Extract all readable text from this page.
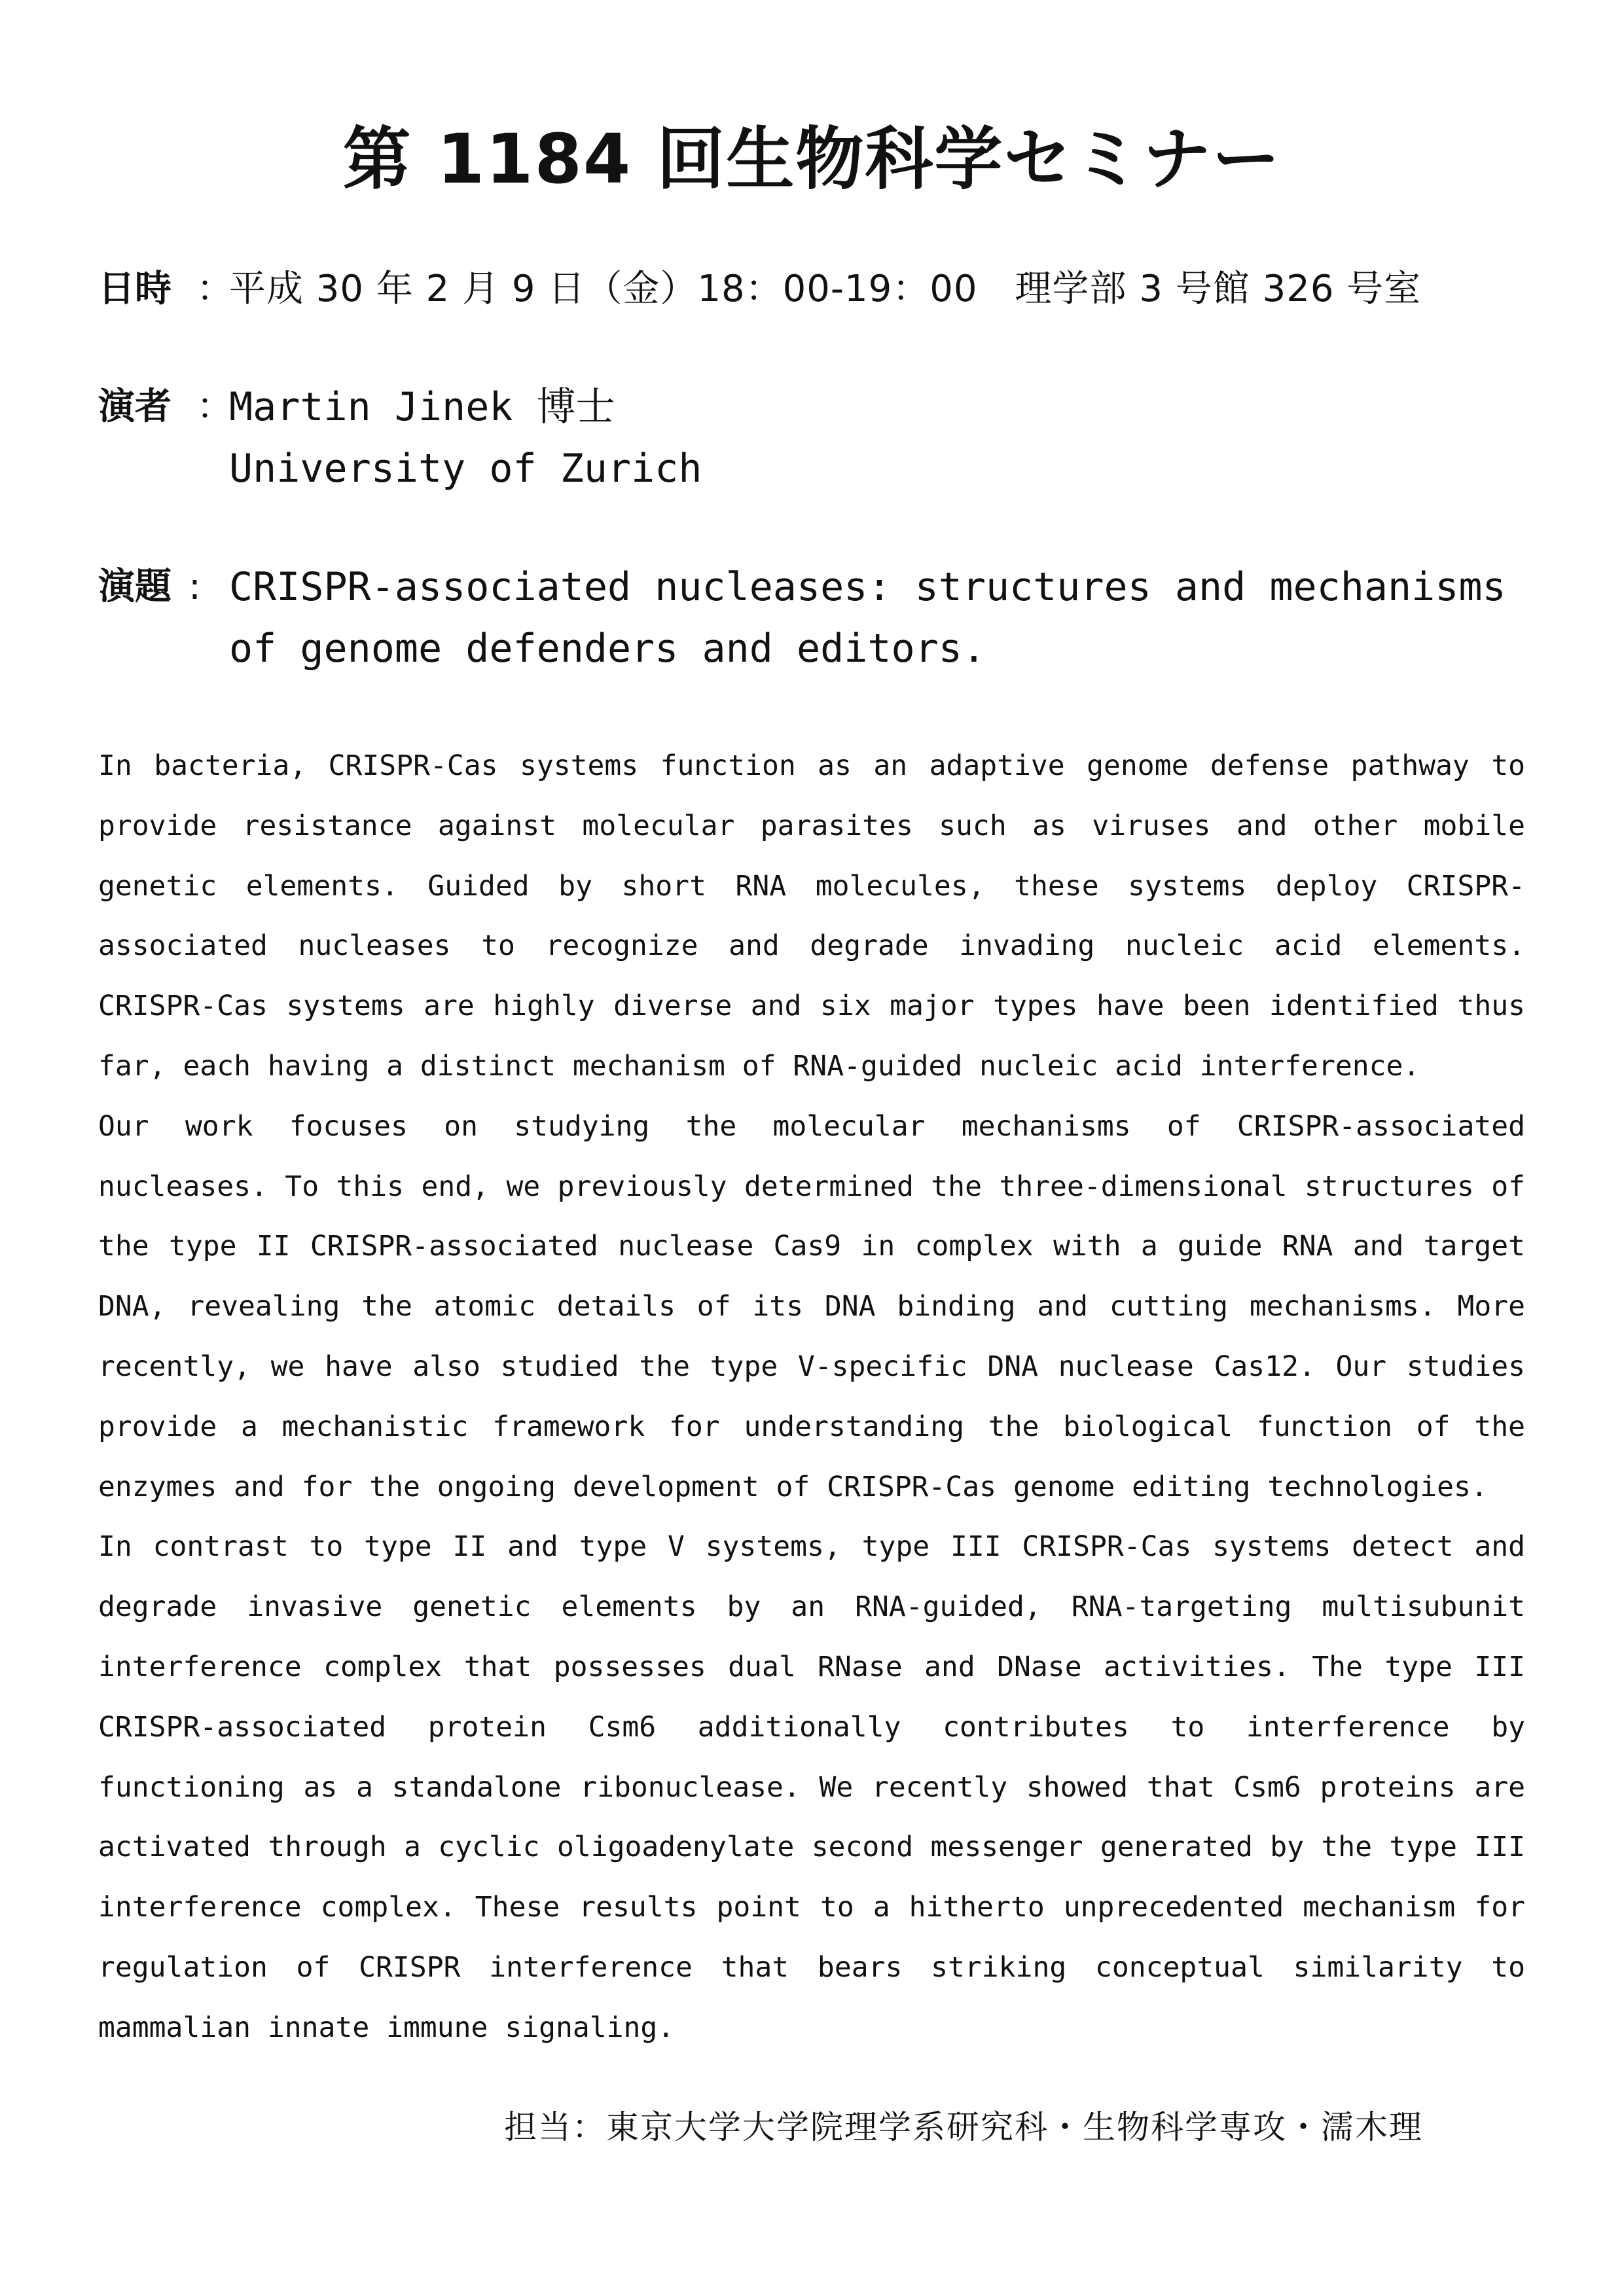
第 1184 回生物科学セミナー
日時 ：
平成 30 年 2 月 9 日（金）18：00-19：00　理学部 3 号館 326 号室
演者 ：
Martin Jinek 博士
University of Zurich
演題 : CRISPR-associated nucleases: structures and mechanisms
of genome defenders and editors.

In bacteria, CRISPR-Cas systems function as an adaptive genome defense pathway to provide resistance against molecular parasites such as viruses and other mobile genetic elements. Guided by short RNA molecules, these systems deploy CRISPR-associated nucleases to recognize and degrade invading nucleic acid elements. CRISPR-Cas systems are highly diverse and six major types have been identified thus far, each having a distinct mechanism of RNA-guided nucleic acid interference.

Our work focuses on studying the molecular mechanisms of CRISPR-associated nucleases. To this end, we previously determined the three-dimensional structures of the type II CRISPR-associated nuclease Cas9 in complex with a guide RNA and target DNA, revealing the atomic details of its DNA binding and cutting mechanisms. More recently, we have also studied the type V-specific DNA nuclease Cas12. Our studies provide a mechanistic framework for understanding the biological function of the enzymes and for the ongoing development of CRISPR-Cas genome editing technologies.

In contrast to type II and type V systems, type III CRISPR-Cas systems detect and degrade invasive genetic elements by an RNA-guided, RNA-targeting multisubunit interference complex that possesses dual RNase and DNase activities. The type III CRISPR-associated protein Csm6 additionally contributes to interference by functioning as a standalone ribonuclease. We recently showed that Csm6 proteins are activated through a cyclic oligoadenylate second messenger generated by the type III interference complex. These results point to a hitherto unprecedented mechanism for regulation of CRISPR interference that bears striking conceptual similarity to mammalian innate immune signaling.

担当：東京大学大学院理学系研究科・生物科学専攻・濡木理
